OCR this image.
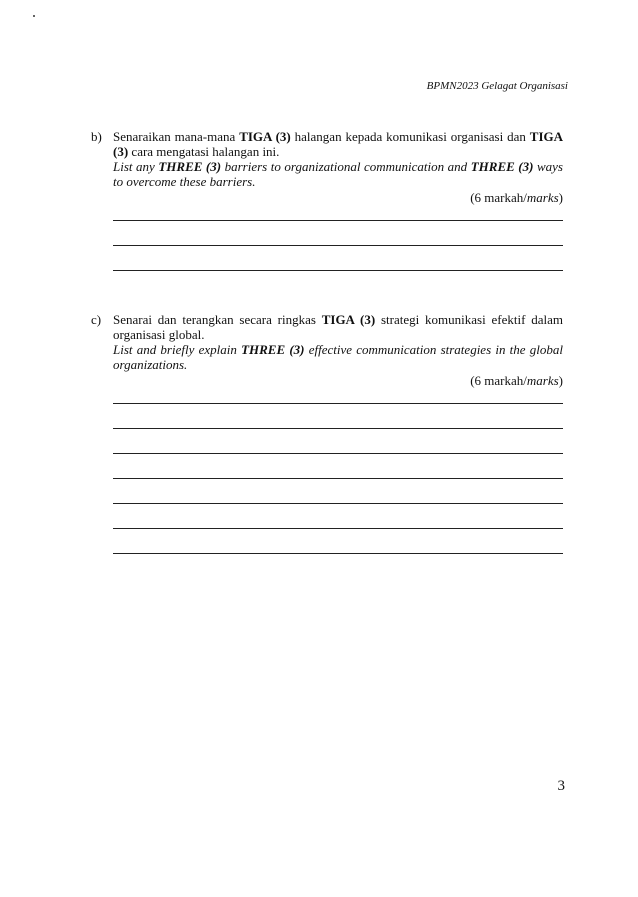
BPMN2023 Gelagat Organisasi
b) Senaraikan mana-mana TIGA (3) halangan kepada komunikasi organisasi dan TIGA (3) cara mengatasi halangan ini.
List any THREE (3) barriers to organizational communication and THREE (3) ways to overcome these barriers.
(6 markah/marks)
c) Senarai dan terangkan secara ringkas TIGA (3) strategi komunikasi efektif dalam organisasi global.
List and briefly explain THREE (3) effective communication strategies in the global organizations.
(6 markah/marks)
3
